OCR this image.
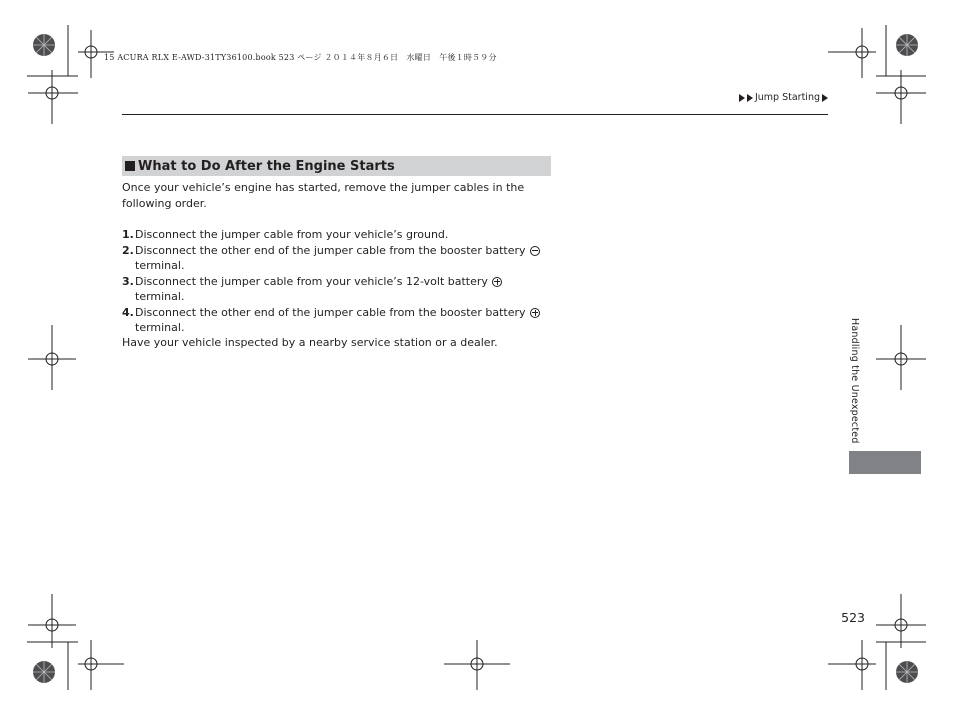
15 ACURA RLX E-AWD-31TY36100.book 523 ページ ２０１４年８月６日　水曜日　午後１時５９分
Jump Starting
What to Do After the Engine Starts
Once your vehicle’s engine has started, remove the jumper cables in the following order.
1. Disconnect the jumper cable from your vehicle’s ground.
2. Disconnect the other end of the jumper cable from the booster battery  terminal.
3. Disconnect the jumper cable from your vehicle’s 12-volt battery  terminal.
4. Disconnect the other end of the jumper cable from the booster battery  terminal.
Have your vehicle inspected by a nearby service station or a dealer.	Handling the Unexpected
523
